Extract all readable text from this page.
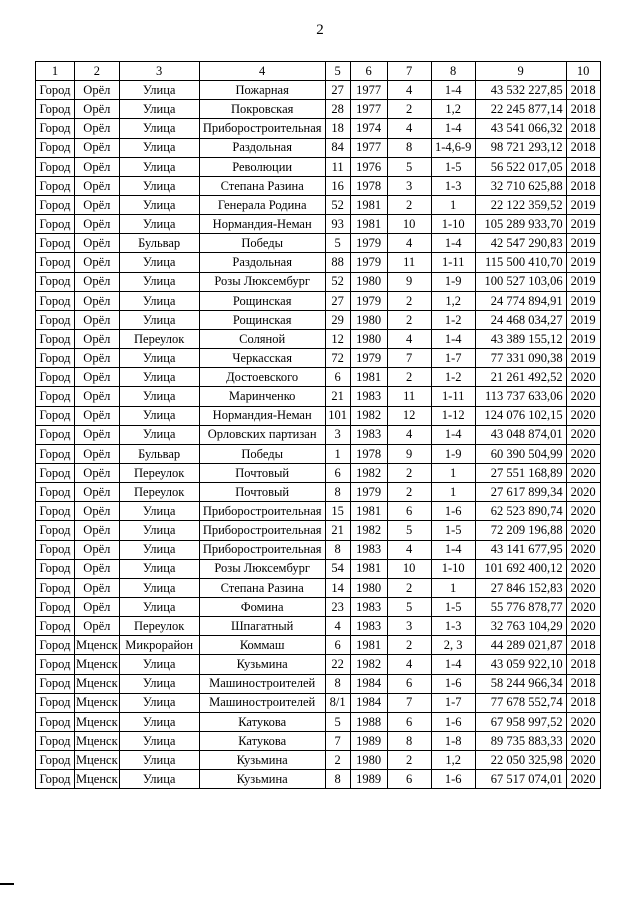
2
1	2	3	4	5	6	7	8	9	10
Город	Орёл	Улица	Пожарная	27	1977	4	1-4	43 532 227,85	2018
Город	Орёл	Улица	Покровская	28	1977	2	1,2	22 245 877,14	2018
Город	Орёл	Улица	Приборостроительная	18	1974	4	1-4	43 541 066,32	2018
Город	Орёл	Улица	Раздольная	84	1977	8	1-4,6-9	98 721 293,12	2018
Город	Орёл	Улица	Революции	11	1976	5	1-5	56 522 017,05	2018
Город	Орёл	Улица	Степана Разина	16	1978	3	1-3	32 710 625,88	2018
Город	Орёл	Улица	Генерала Родина	52	1981	2	1	22 122 359,52	2019
Город	Орёл	Улица	Нормандия-Неман	93	1981	10	1-10	105 289 933,70	2019
Город	Орёл	Бульвар	Победы	5	1979	4	1-4	42 547 290,83	2019
Город	Орёл	Улица	Раздольная	88	1979	11	1-11	115 500 410,70	2019
Город	Орёл	Улица	Розы Люксембург	52	1980	9	1-9	100 527 103,06	2019
Город	Орёл	Улица	Рощинская	27	1979	2	1,2	24 774 894,91	2019
Город	Орёл	Улица	Рощинская	29	1980	2	1-2	24 468 034,27	2019
Город	Орёл	Переулок	Соляной	12	1980	4	1-4	43 389 155,12	2019
Город	Орёл	Улица	Черкасская	72	1979	7	1-7	77 331 090,38	2019
Город	Орёл	Улица	Достоевского	6	1981	2	1-2	21 261 492,52	2020
Город	Орёл	Улица	Маринченко	21	1983	11	1-11	113 737 633,06	2020
Город	Орёл	Улица	Нормандия-Неман	101	1982	12	1-12	124 076 102,15	2020
Город	Орёл	Улица	Орловских партизан	3	1983	4	1-4	43 048 874,01	2020
Город	Орёл	Бульвар	Победы	1	1978	9	1-9	60 390 504,99	2020
Город	Орёл	Переулок	Почтовый	6	1982	2	1	27 551 168,89	2020
Город	Орёл	Переулок	Почтовый	8	1979	2	1	27 617 899,34	2020
Город	Орёл	Улица	Приборостроительная	15	1981	6	1-6	62 523 890,74	2020
Город	Орёл	Улица	Приборостроительная	21	1982	5	1-5	72 209 196,88	2020
Город	Орёл	Улица	Приборостроительная	8	1983	4	1-4	43 141 677,95	2020
Город	Орёл	Улица	Розы Люксембург	54	1981	10	1-10	101 692 400,12	2020
Город	Орёл	Улица	Степана Разина	14	1980	2	1	27 846 152,83	2020
Город	Орёл	Улица	Фомина	23	1983	5	1-5	55 776 878,77	2020
Город	Орёл	Переулок	Шпагатный	4	1983	3	1-3	32 763 104,29	2020
Город	Мценск	Микрорайон	Коммаш	6	1981	2	2, 3	44 289 021,87	2018
Город	Мценск	Улица	Кузьмина	22	1982	4	1-4	43 059 922,10	2018
Город	Мценск	Улица	Машиностроителей	8	1984	6	1-6	58 244 966,34	2018
Город	Мценск	Улица	Машиностроителей	8/1	1984	7	1-7	77 678 552,74	2018
Город	Мценск	Улица	Катукова	5	1988	6	1-6	67 958 997,52	2020
Город	Мценск	Улица	Катукова	7	1989	8	1-8	89 735 883,33	2020
Город	Мценск	Улица	Кузьмина	2	1980	2	1,2	22 050 325,98	2020
Город	Мценск	Улица	Кузьмина	8	1989	6	1-6	67 517 074,01	2020
